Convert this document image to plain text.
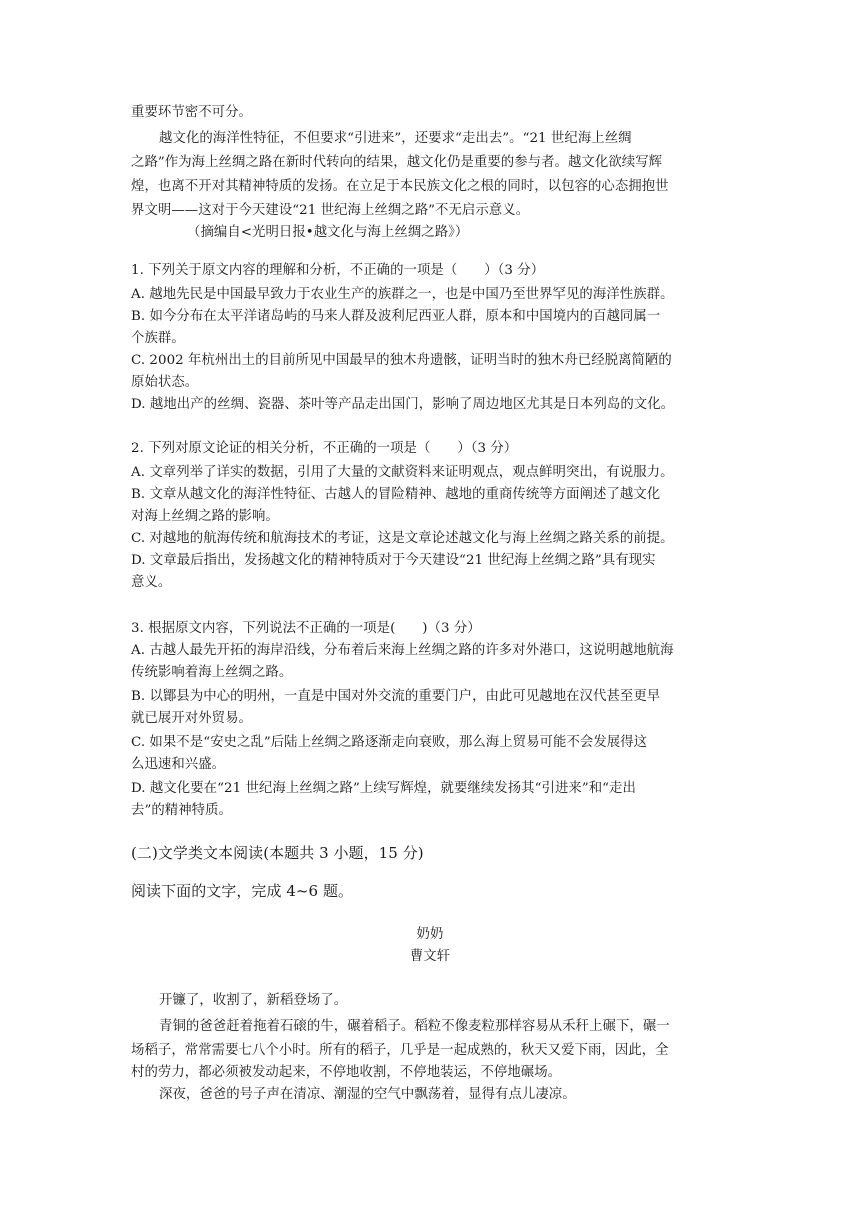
重要环节密不可分。
越文化的海洋性特征，不但要求“引进来”，还要求“走出去”。“21 世纪海上丝绸
之路”作为海上丝绸之路在新时代转向的结果，越文化仍是重要的参与者。越文化欲续写辉
煌，也离不开对其精神特质的发扬。在立足于本民族文化之根的同时，以包容的心态拥抱世
界文明——这对于今天建设“21 世纪海上丝绸之路”不无启示意义。
（摘编自<光明日报•越文化与海上丝绸之路》）
1. 下列关于原文内容的理解和分析，不正确的一项是（　　）（3 分）
A. 越地先民是中国最早致力于农业生产的族群之一，也是中国乃至世界罕见的海洋性族群。
B. 如今分布在太平洋诸岛屿的马来人群及波利尼西亚人群，原本和中国境内的百越同属一
个族群。
C. 2002 年杭州出土的目前所见中国最早的独木舟遗骸，证明当时的独木舟已经脱离简陋的
原始状态。
D. 越地出产的丝绸、瓷器、茶叶等产品走出国门，影响了周边地区尤其是日本列岛的文化。
2. 下列对原文论证的相关分析，不正确的一项是（　　）（3 分）
A. 文章列举了详实的数据，引用了大量的文献资料来证明观点，观点鲜明突出，有说服力。
B. 文章从越文化的海洋性特征、古越人的冒险精神、越地的重商传统等方面阐述了越文化
对海上丝绸之路的影响。
C. 对越地的航海传统和航海技术的考证，这是文章论述越文化与海上丝绸之路关系的前提。
D. 文章最后指出，发扬越文化的精神特质对于今天建设“21 世纪海上丝绸之路”具有现实
意义。
3. 根据原文内容，下列说法不正确的一项是(　　)（3 分）
A. 古越人最先开拓的海岸沿线，分布着后来海上丝绸之路的许多对外港口，这说明越地航海
传统影响着海上丝绸之路。
B. 以鄮县为中心的明州，一直是中国对外交流的重要门户，由此可见越地在汉代甚至更早
就已展开对外贸易。
C. 如果不是“安史之乱”后陆上丝绸之路逐渐走向衰败，那么海上贸易可能不会发展得这
么迅速和兴盛。
D. 越文化要在“21 世纪海上丝绸之路”上续写辉煌，就要继续发扬其“引进来”和“走出
去”的精神特质。
(二)文学类文本阅读(本题共 3 小题，15 分)
阅读下面的文字，完成 4~6 题。
奶奶
曹文轩
开镰了，收割了，新稻登场了。
青铜的爸爸赶着拖着石磙的牛，碾着稻子。稻粒不像麦粒那样容易从禾秆上碾下，碾一
场稻子，常常需要七八个小时。所有的稻子，几乎是一起成熟的，秋天又爱下雨，因此，全
村的劳力，都必须被发动起来，不停地收割，不停地装运，不停地碾场。
深夜，爸爸的号子声在清凉、潮湿的空气中飘荡着，显得有点儿凄凉。
